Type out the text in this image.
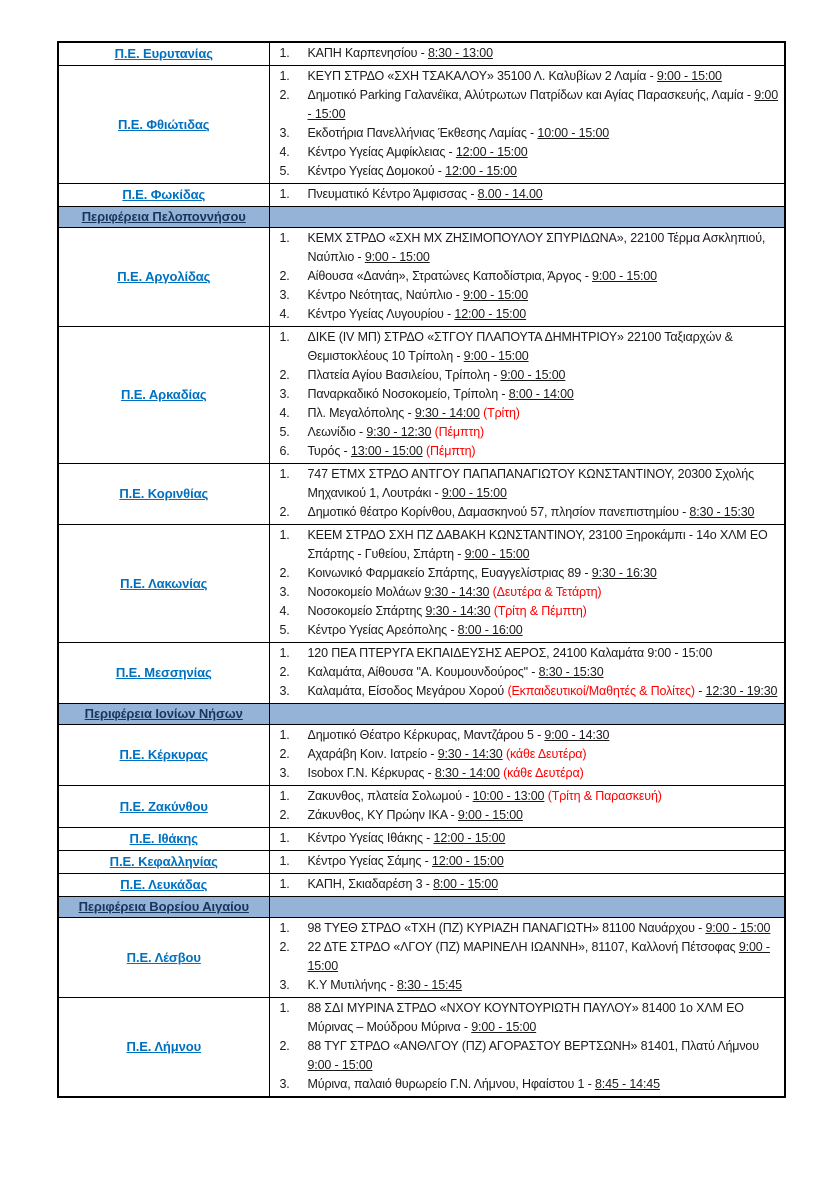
Π.Ε. Ευρυτανίας	1. ΚΑΠΗ Καρπενησίου - 8:30 - 13:00

Π.Ε. Φθιώτιδας	
1.	ΚΕΥΠ ΣΤΡΔΟ «ΣΧΗ ΤΣΑΚΑΛΟΥ» 35100 Λ. Καλυβίων 2 Λαμία - 9:00 - 15:00
2.	Δημοτικό Parking Γαλανέϊκα, Αλύτρωτων Πατρίδων και Αγίας Παρασκευής, Λαμία - 9:00 - 15:00
3.	Εκδοτήρια Πανελλήνιας Έκθεσης Λαμίας - 10:00 - 15:00
4.	Κέντρο Υγείας Αμφίκλειας - 12:00 - 15:00
5.	Κέντρο Υγείας Δομοκού - 12:00 - 15:00

Π.Ε. Φωκίδας	1. Πνευματικό Κέντρο Άμφισσας - 8.00 - 14.00

Περιφέρεια Πελοποννήσου	
Π.Ε. Αργολίδας	
1.	ΚΕΜΧ ΣΤΡΔΟ «ΣΧΗ ΜΧ ΖΗΣΙΜΟΠΟΥΛΟΥ ΣΠΥΡΙΔΩΝΑ», 22100 Τέρμα Ασκληπιού, Ναύπλιο - 9:00 - 15:00
2.	Αίθουσα «Δανάη», Στρατώνες Καποδίστρια, Άργος - 9:00 - 15:00
3.	Κέντρο Νεότητας, Ναύπλιο - 9:00 - 15:00
4.	Κέντρο Υγείας Λυγουρίου - 12:00 - 15:00

Π.Ε. Αρκαδίας	
1.	ΔΙΚΕ (IV ΜΠ) ΣΤΡΔΟ «ΣΤΓΟΥ ΠΛΑΠΟΥΤΑ ΔΗΜΗΤΡΙΟΥ» 22100 Ταξιαρχών & Θεμιστοκλέους 10 Τρίπολη - 9:00 - 15:00
2.	Πλατεία Αγίου Βασιλείου, Τρίπολη - 9:00 - 15:00
3.	Παναρκαδικό Νοσοκομείο, Τρίπολη - 8:00 - 14:00
4.	Πλ. Μεγαλόπολης - 9:30 - 14:00 (Τρίτη)
5.	Λεωνίδιο - 9:30 - 12:30 (Πέμπτη)
6.	Τυρός - 13:00 - 15:00 (Πέμπτη)

Π.Ε. Κορινθίας	1. 747 ΕΤΜΧ ΣΤΡΔΟ ΑΝΤΓΟΥ ΠΑΠΑΠΑΝΑΓΙΩΤΟΥ ΚΩΝΣΤΑΝΤΙΝΟΥ, 20300 Σχολής Μηχανικού 1, Λουτράκι - 9:00 - 15:00
2. Δημοτικό θέατρο Κορίνθου, Δαμασκηνού 57, πλησίον πανεπιστημίου - 8:30 - 15:30

Π.Ε. Λακωνίας	
1.	ΚΕΕΜ ΣΤΡΔΟ ΣΧΗ ΠΖ ΔΑΒΑΚΗ ΚΩΝΣΤΑΝΤΙΝΟΥ, 23100 Ξηροκάμπι - 14ο ΧΛΜ ΕΟ Σπάρτης - Γυθείου, Σπάρτη - 9:00 - 15:00
2.	Κοινωνικό Φαρμακείο Σπάρτης, Ευαγγελίστριας 89 - 9:30 - 16:30
3.	Νοσοκομείο Μολάων 9:30 - 14:30 (Δευτέρα & Τετάρτη)
4.	Νοσοκομείο Σπάρτης 9:30 - 14:30 (Τρίτη & Πέμπτη)
5.	Κέντρο Υγείας Αρεόπολης - 8:00 - 16:00

Π.Ε. Μεσσηνίας	
1.	120 ΠΕΑ ΠΤΕΡΥΓΑ ΕΚΠΑΙΔΕΥΣΗΣ ΑΕΡΟΣ, 24100 Καλαμάτα 9:00 - 15:00
2.	Καλαμάτα, Αίθουσα "Α. Κουμουνδούρος" - 8:30 - 15:30
3.	Καλαμάτα, Είσοδος Μεγάρου Χορού (Εκπαιδευτικοί/Μαθητές & Πολίτες) - 12:30 - 19:30

Περιφέρεια Ιονίων Νήσων	
Π.Ε. Κέρκυρας	
1.	Δημοτικό Θέατρο Κέρκυρας, Μαντζάρου 5 - 9:00 - 14:30
2.	Αχαράβη Κοιν. Ιατρείο - 9:30 - 14:30 (κάθε Δευτέρα)
3.	Isobox Γ.Ν. Κέρκυρας - 8:30 - 14:00 (κάθε Δευτέρα)

Π.Ε. Ζακύνθου	1. Ζακυνθος, πλατεία Σολωμού - 10:00 - 13:00 (Τρίτη & Παρασκευή)
2. Ζάκυνθος, ΚΥ Πρώην ΙΚΑ - 9:00 - 15:00

Π.Ε. Ιθάκης	1. Κέντρο Υγείας Ιθάκης - 12:00 - 15:00

Π.Ε. Κεφαλληνίας	1. Κέντρο Υγείας Σάμης - 12:00 - 15:00

Π.Ε. Λευκάδας	1. ΚΑΠΗ, Σκιαδαρέση 3 - 8:00 - 15:00

Περιφέρεια Βορείου Αιγαίου	
Π.Ε. Λέσβου	
1.	98 ΤΥΕΘ ΣΤΡΔΟ «ΤΧΗ (ΠΖ) ΚΥΡΙΑΖΗ ΠΑΝΑΓΙΩΤΗ» 81100 Ναυάρχου - 9:00 - 15:00
2.	22 ΔΤΕ ΣΤΡΔΟ «ΛΓΟΥ (ΠΖ) ΜΑΡΙΝΕΛΗ ΙΩΑΝΝΗ», 81107, Καλλονή Πέτσοφας 9:00 - 15:00
3.	Κ.Υ Μυτιλήνης - 8:30 - 15:45

Π.Ε. Λήμνου	
1.	88 ΣΔΙ ΜΥΡΙΝΑ ΣΤΡΔΟ «ΝΧΟΥ ΚΟΥΝΤΟΥΡΙΩΤΗ ΠΑΥΛΟΥ» 81400 1ο ΧΛΜ ΕΟ Μύρινας – Μούδρου Μύρινα - 9:00 - 15:00
2.	88 ΤΥΓ ΣΤΡΔΟ «ΑΝΘΛΓΟΥ (ΠΖ) ΑΓΟΡΑΣΤΟΥ ΒΕΡΤΣΩΝΗ» 81401, Πλατύ Λήμνου 9:00 - 15:00
3.	Μύρινα, παλαιό θυρωρείο Γ.Ν. Λήμνου, Ηφαίστου 1 - 8:45 - 14:45
